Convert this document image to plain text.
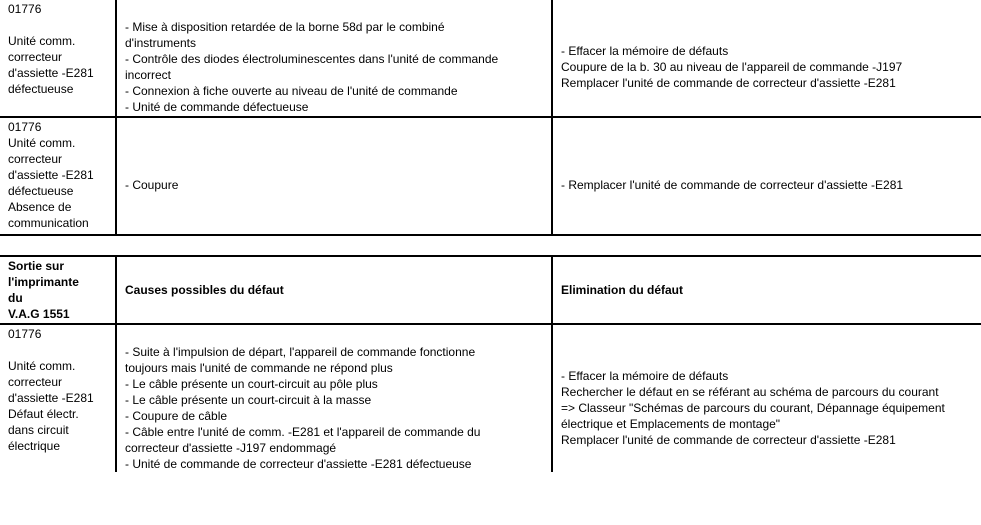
01776

Unité comm.
correcteur
d'assiette -E281
défectueuse
- Mise à disposition retardée de la borne 58d par le combiné
d'instruments
- Contrôle des diodes électroluminescentes dans l'unité de commande
incorrect
- Connexion à fiche ouverte au niveau de l'unité de commande
- Unité de commande défectueuse
- Effacer la mémoire de défauts
Coupure de la b. 30 au niveau de l'appareil de commande -J197
Remplacer l'unité de commande de correcteur d'assiette -E281
01776
Unité comm.
correcteur
d'assiette -E281
défectueuse
Absence de
communication
- Coupure	- Remplacer l'unité de commande de correcteur d'assiette -E281
Sortie sur
l'imprimante
du
V.A.G 1551
Causes possibles du défaut	Elimination du défaut
01776

Unité comm.
correcteur
d'assiette -E281
Défaut électr.
dans circuit
électrique
- Suite à l'impulsion de départ, l'appareil de commande fonctionne
toujours mais l'unité de commande ne répond plus
- Le câble présente un court-circuit au pôle plus
- Le câble présente un court-circuit à la masse
- Coupure de câble
- Câble entre l'unité de comm. -E281 et l'appareil de commande du
correcteur d'assiette -J197 endommagé
- Unité de commande de correcteur d'assiette -E281 défectueuse
- Effacer la mémoire de défauts
Rechercher le défaut en se référant au schéma de parcours du courant
=> Classeur "Schémas de parcours du courant, Dépannage équipement
électrique et Emplacements de montage"
Remplacer l'unité de commande de correcteur d'assiette -E281
